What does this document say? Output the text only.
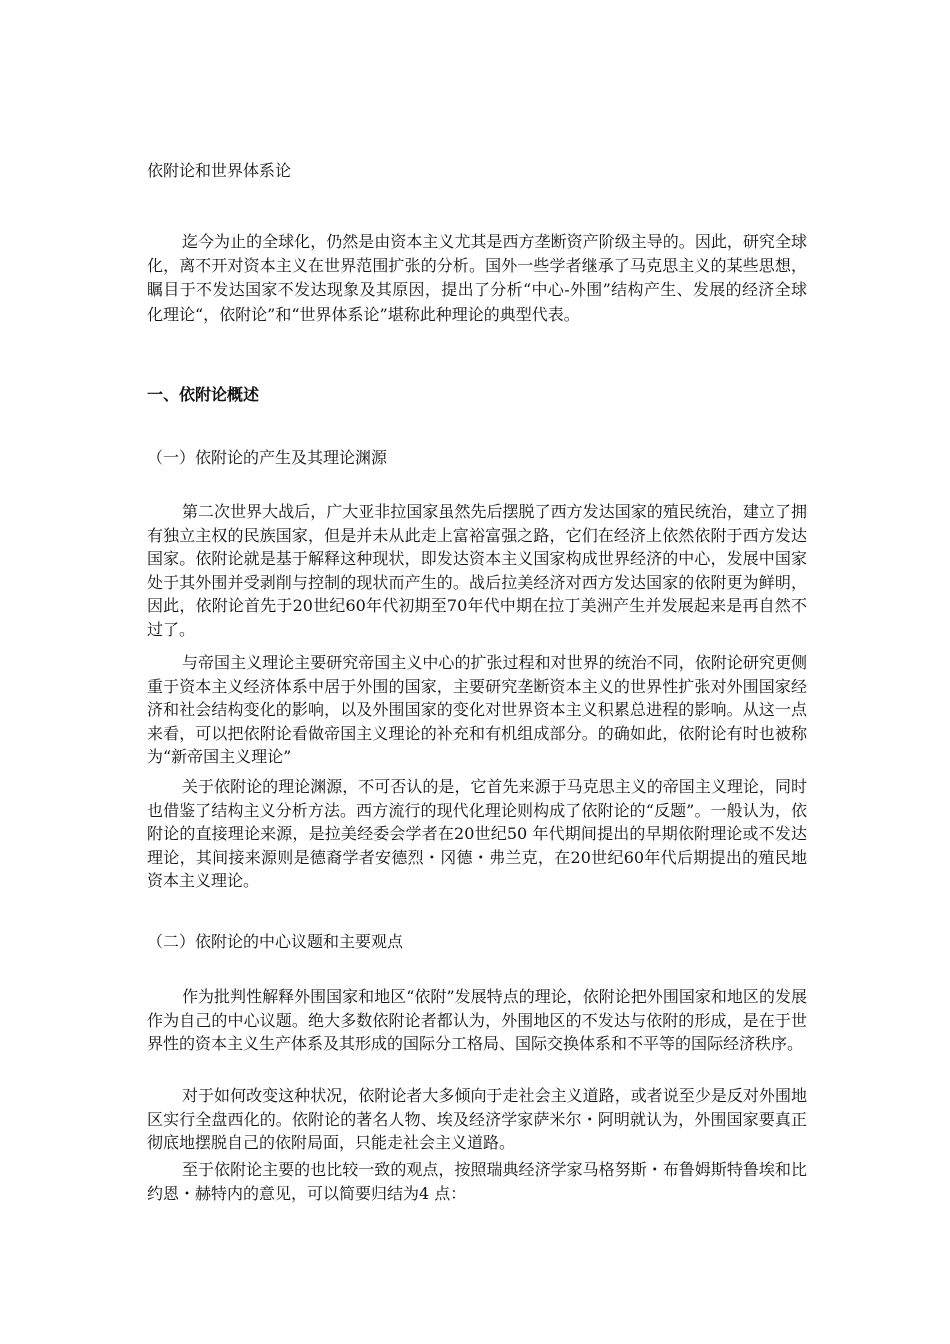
依附论和世界体系论

迄今为止的全球化，仍然是由资本主义尤其是西方垄断资产阶级主导的。因此，研究全球化，离不开对资本主义在世界范围扩张的分析。国外一些学者继承了马克思主义的某些思想，瞩目于不发达国家不发达现象及其原因，提出了分析“中心-外围”结构产生、发展的经济全球化理论“，依附论”和“世界体系论”堪称此种理论的典型代表。

一、依附论概述
（一）依附论的产生及其理论渊源

第二次世界大战后，广大亚非拉国家虽然先后摆脱了西方发达国家的殖民统治，建立了拥有独立主权的民族国家，但是并未从此走上富裕富强之路，它们在经济上依然依附于西方发达国家。依附论就是基于解释这种现状，即发达资本主义国家构成世界经济的中心，发展中国家处于其外围并受剥削与控制的现状而产生的。战后拉美经济对西方发达国家的依附更为鲜明，因此，依附论首先于20世纪60年代初期至70年代中期在拉丁美洲产生并发展起来是再自然不过了。

与帝国主义理论主要研究帝国主义中心的扩张过程和对世界的统治不同，依附论研究更侧重于资本主义经济体系中居于外围的国家，主要研究垄断资本主义的世界性扩张对外围国家经济和社会结构变化的影响，以及外围国家的变化对世界资本主义积累总进程的影响。从这一点来看，可以把依附论看做帝国主义理论的补充和有机组成部分。的确如此，依附论有时也被称为“新帝国主义理论”

关于依附论的理论渊源，不可否认的是，它首先来源于马克思主义的帝国主义理论，同时也借鉴了结构主义分析方法。西方流行的现代化理论则构成了依附论的“反题”。一般认为，依附论的直接理论来源，是拉美经委会学者在20世纪50 年代期间提出的早期依附理论或不发达理论，其间接来源则是德裔学者安德烈・冈德・弗兰克，在20世纪60年代后期提出的殖民地资本主义理论。

（二）依附论的中心议题和主要观点

作为批判性解释外围国家和地区“依附”发展特点的理论，依附论把外围国家和地区的发展作为自己的中心议题。绝大多数依附论者都认为，外围地区的不发达与依附的形成，是在于世界性的资本主义生产体系及其形成的国际分工格局、国际交换体系和不平等的国际经济秩序。

对于如何改变这种状况，依附论者大多倾向于走社会主义道路，或者说至少是反对外围地区实行全盘西化的。依附论的著名人物、埃及经济学家萨米尔・阿明就认为，外围国家要真正彻底地摆脱自己的依附局面，只能走社会主义道路。

至于依附论主要的也比较一致的观点，按照瑞典经济学家马格努斯・布鲁姆斯特鲁埃和比约恩・赫特内的意见，可以简要归结为4 点：
